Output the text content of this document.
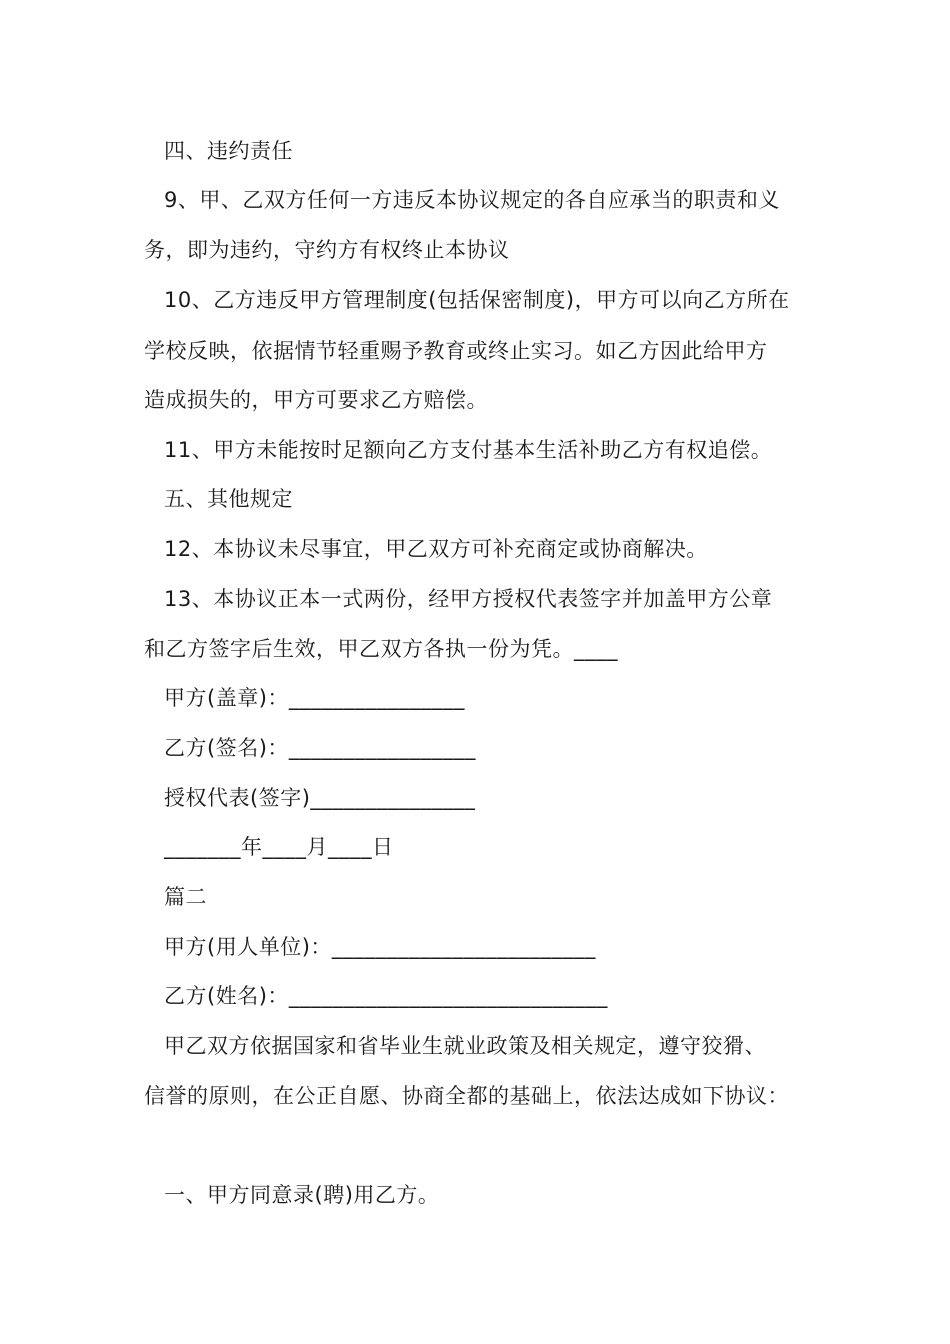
四、违约责任
9、甲、乙双方任何一方违反本协议规定的各自应承当的职责和义
务，即为违约，守约方有权终止本协议
10、乙方违反甲方管理制度(包括保密制度)，甲方可以向乙方所在
学校反映，依据情节轻重赐予教育或终止实习。如乙方因此给甲方
造成损失的，甲方可要求乙方赔偿。
11、甲方未能按时足额向乙方支付基本生活补助乙方有权追偿。
五、其他规定
12、本协议未尽事宜，甲乙双方可补充商定或协商解决。
13、本协议正本一式两份，经甲方授权代表签字并加盖甲方公章
和乙方签字后生效，甲乙双方各执一份为凭。____
甲方(盖章)：________________
乙方(签名)：_________________
授权代表(签字)_______________
_______年____月____日
篇二
甲方(用人单位)：________________________
乙方(姓名)：_____________________________
甲乙双方依据国家和省毕业生就业政策及相关规定，遵守狡猾、
信誉的原则，在公正自愿、协商全都的基础上，依法达成如下协议：
一、甲方同意录(聘)用乙方。
